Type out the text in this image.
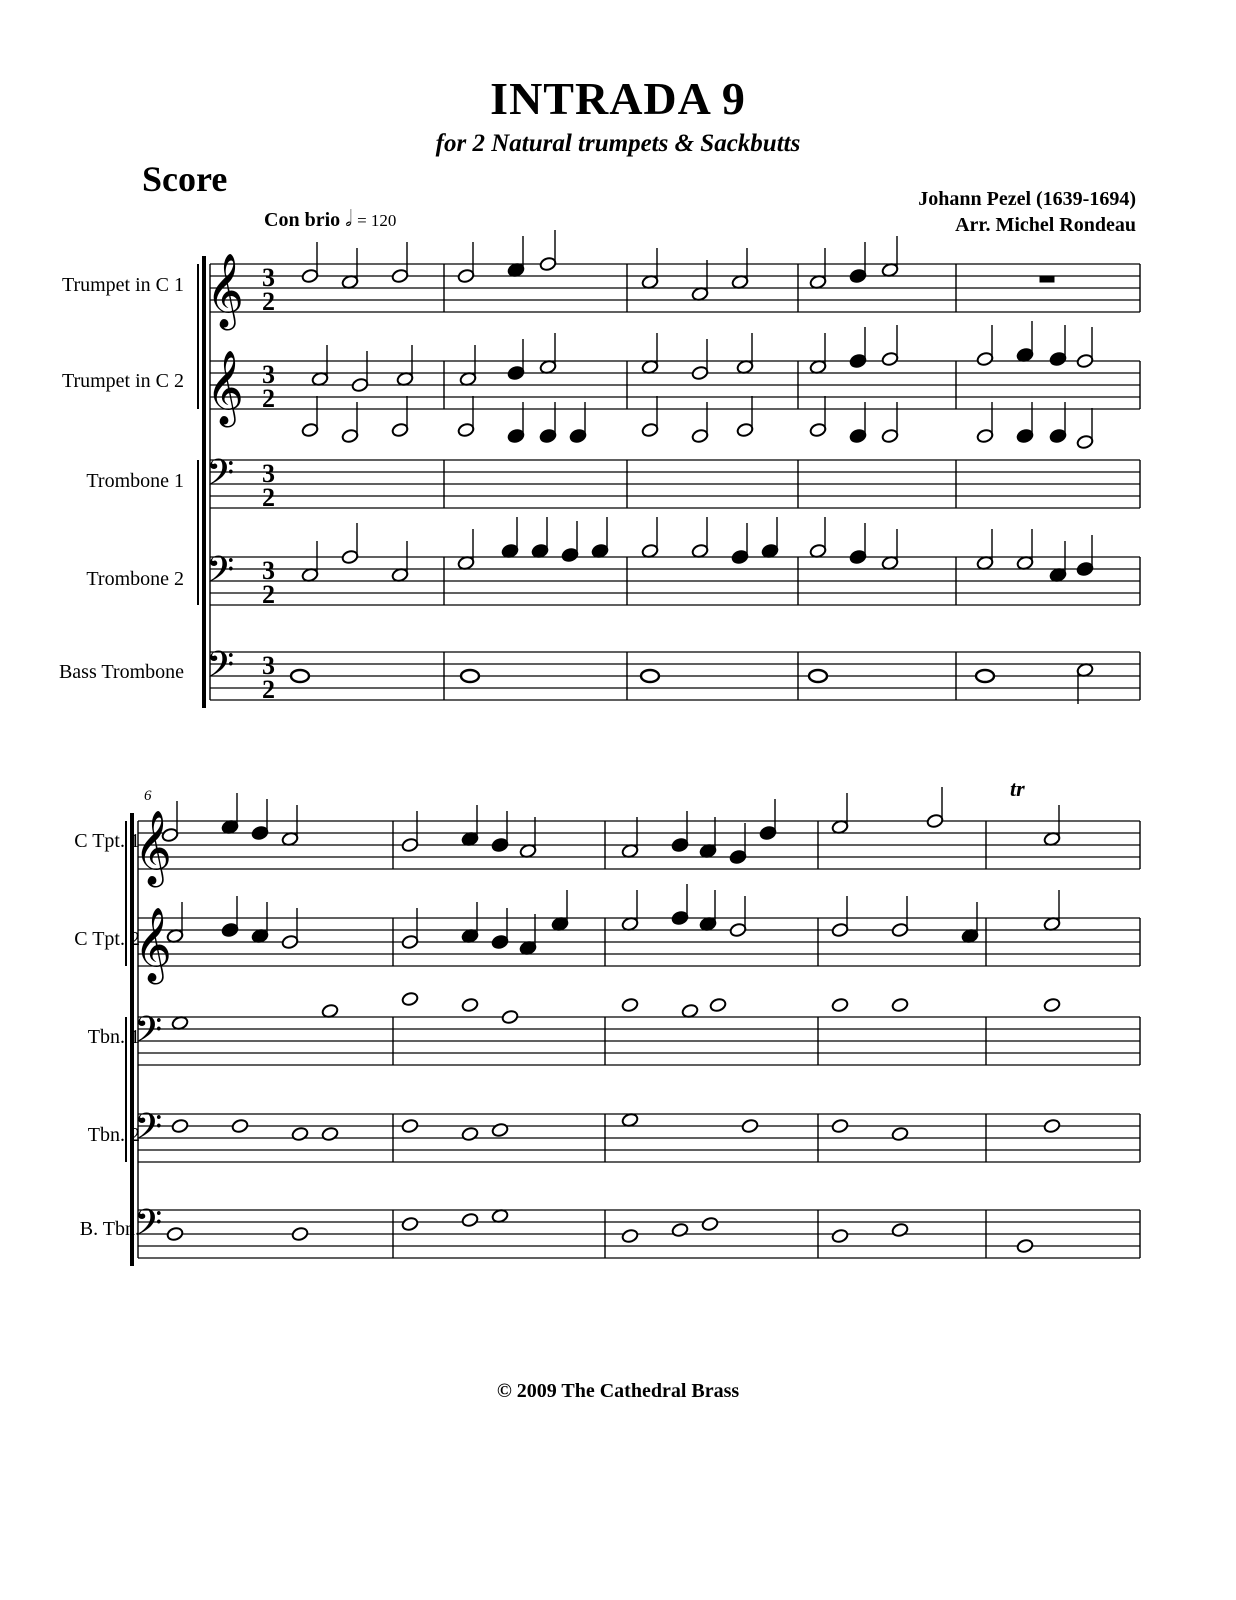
INTRADA 9
for 2 Natural trumpets & Sackbutts
Score	Johann Pezel (1639-1694)
Arr. Michel Rondeau
Con brio 𝅗𝅥 = 120
Trumpet in C 1
Trumpet in C 2
Trombone 1
Trombone 2
Bass Trombone
C Tpt. 1
C Tpt. 2
Tbn. 1
Tbn. 2
B. Tbn.
6
𝄞 3
2
𝄞 3
2
𝄢 3
2
𝄢 3
2
𝄢 3
2
𝄞
𝄞
𝄢
𝄢
𝄢
tr
© 2009 The Cathedral Brass
